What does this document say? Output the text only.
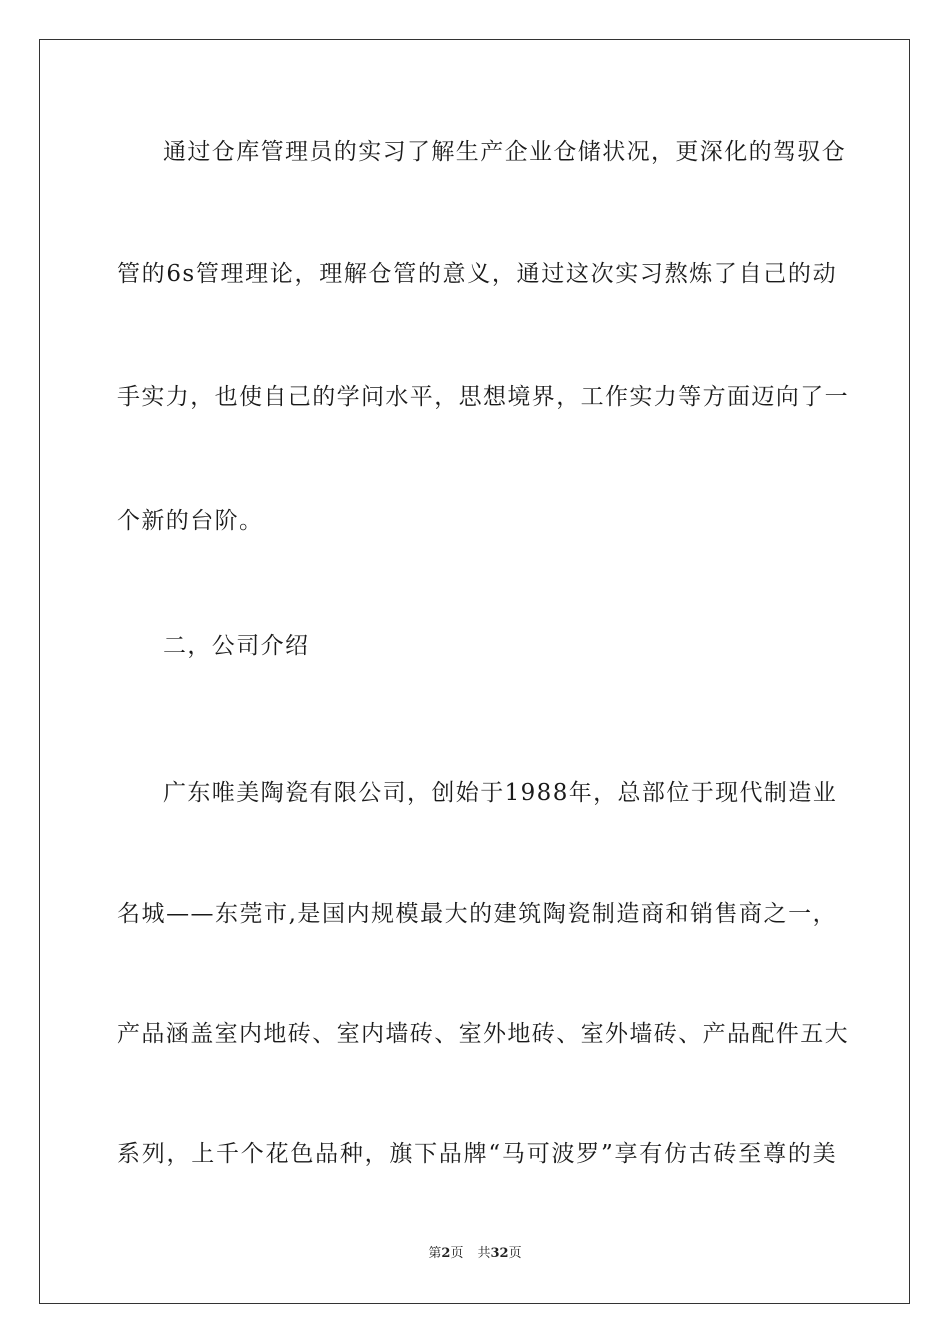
通过仓库管理员的实习了解生产企业仓储状况，更深化的驾驭仓
管的6s管理理论，理解仓管的意义，通过这次实习熬炼了自己的动
手实力，也使自己的学问水平，思想境界，工作实力等方面迈向了一
个新的台阶。
二，公司介绍
广东唯美陶瓷有限公司，创始于1988年，总部位于现代制造业
名城——东莞市,是国内规模最大的建筑陶瓷制造商和销售商之一，
产品涵盖室内地砖、室内墙砖、室外地砖、室外墙砖、产品配件五大
系列，上千个花色品种，旗下品牌“马可波罗”享有仿古砖至尊的美
第2页 共32页
